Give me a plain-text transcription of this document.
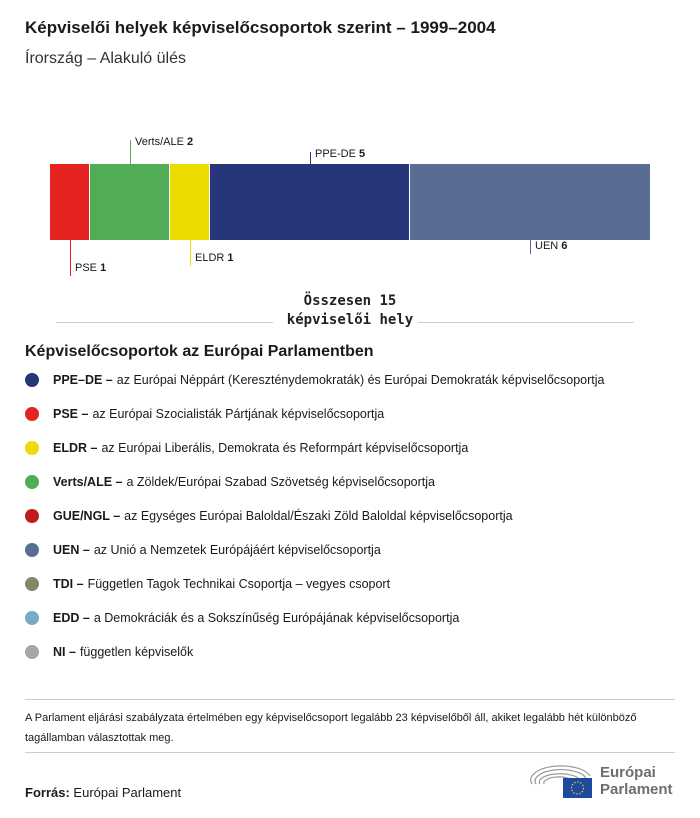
Képviselői helyek képviselőcsoportok szerint – 1999–2004
Írország – Alakuló ülés
PSE 1
Verts/ALE 2
ELDR 1
PPE-DE 5
UEN 6
Összesen 15 képviselői hely
Képviselőcsoportok az Európai Parlamentben
PPE–DE – az Európai Néppárt (Kereszténydemokraták) és Európai Demokraták képviselőcsoportja
PSE – az Európai Szocialisták Pártjának képviselőcsoportja
ELDR – az Európai Liberális, Demokrata és Reformpárt képviselőcsoportja
Verts/ALE – a Zöldek/Európai Szabad Szövetség képviselőcsoportja
GUE/NGL – az Egységes Európai Baloldal/Északi Zöld Baloldal képviselőcsoportja
UEN – az Unió a Nemzetek Európájáért képviselőcsoportja
TDI – Független Tagok Technikai Csoportja – vegyes csoport
EDD – a Demokráciák és a Sokszínűség Európájának képviselőcsoportja
NI – független képviselők
A Parlament eljárási szabályzata értelmében egy képviselőcsoport legalább 23 képviselőből áll, akiket legalább hét különböző tagállamban választottak meg.
Forrás: Európai Parlament
Európai
Parlament
